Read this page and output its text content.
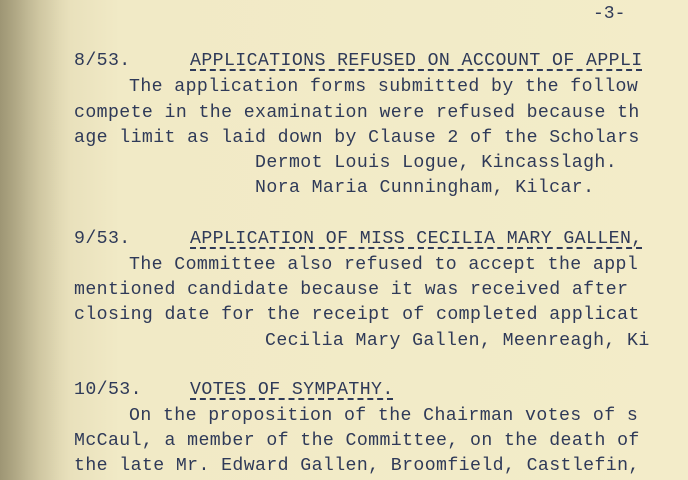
-3-
8/53.	APPLICATIONS REFUSED ON ACCOUNT OF APPLI
The application forms submitted by the follow
compete in the examination were refused because th
age limit as laid down by Clause 2 of the Scholars
Dermot Louis Logue, Kincasslagh.
Nora Maria Cunningham, Kilcar.
9/53.	APPLICATION OF MISS CECILIA MARY GALLEN,
The Committee also refused to accept the appl
mentioned candidate because it was received after
closing date for the receipt of completed applicat
Cecilia Mary Gallen, Meenreagh, Ki
10/53.	VOTES OF SYMPATHY.
On the proposition of the Chairman votes of s
McCaul, a member of the Committee, on the death of
the late Mr. Edward Gallen, Broomfield, Castlefin,
